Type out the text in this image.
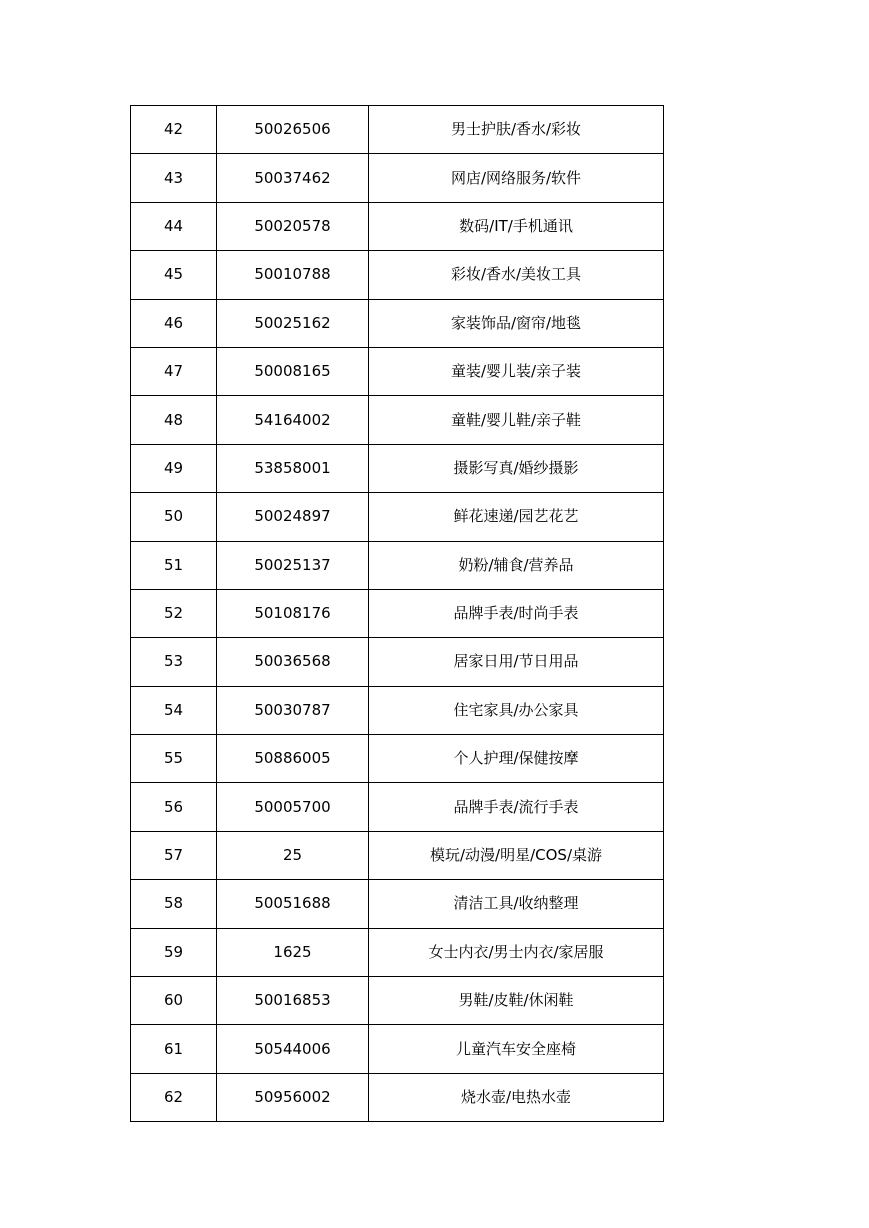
42	50026506	男士护肤/香水/彩妆
43	50037462	网店/网络服务/软件
44	50020578	数码/IT/手机通讯
45	50010788	彩妆/香水/美妆工具
46	50025162	家装饰品/窗帘/地毯
47	50008165	童装/婴儿装/亲子装
48	54164002	童鞋/婴儿鞋/亲子鞋
49	53858001	摄影写真/婚纱摄影
50	50024897	鲜花速递/园艺花艺
51	50025137	奶粉/辅食/营养品
52	50108176	品牌手表/时尚手表
53	50036568	居家日用/节日用品
54	50030787	住宅家具/办公家具
55	50886005	个人护理/保健按摩
56	50005700	品牌手表/流行手表
57	25	模玩/动漫/明星/COS/桌游
58	50051688	清洁工具/收纳整理
59	1625	女士内衣/男士内衣/家居服
60	50016853	男鞋/皮鞋/休闲鞋
61	50544006	儿童汽车安全座椅
62	50956002	烧水壶/电热水壶
